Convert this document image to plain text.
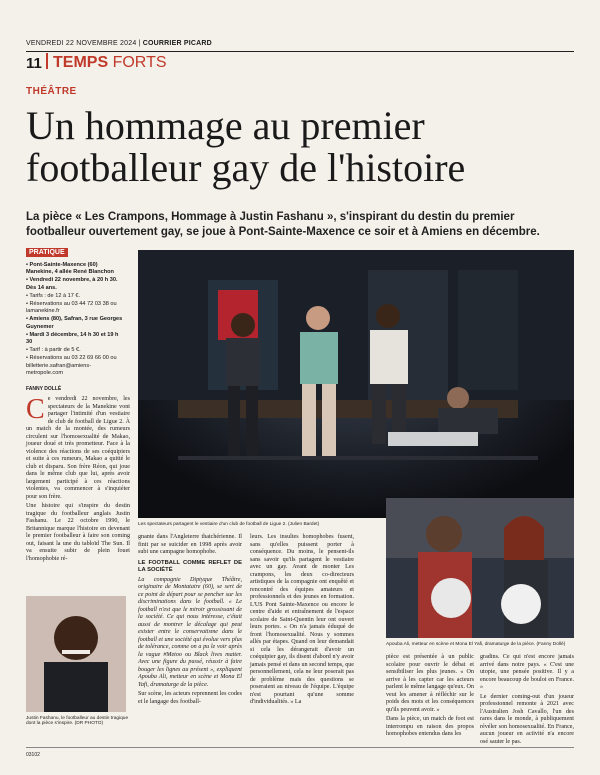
VENDREDI 22 NOVEMBRE 2024 | COURRIER PICARD
11 TEMPS FORTS
THÉÂTRE
Un hommage au premier
footballeur gay de l'histoire
La pièce « Les Crampons, Hommage à Justin Fashanu », s'inspirant du destin du premier footballeur ouvertement gay, se joue à Pont-Sainte-Maxence ce soir et à Amiens en décembre.
PRATIQUE

• Pont-Sainte-Maxence (60) Manekine, 4 allée René Blanchon

• Vendredi 22 novembre, à 20 h 30. Dès 14 ans.

• Tarifs : de 12 à 17 €.

• Réservations au 03 44 72 03 38 ou lamanekine.fr

• Amiens (80), Safran, 3 rue Georges Guynemer

• Mardi 3 décembre, 14 h 30 et 19 h 30

• Tarif : à partir de 5 €.

• Réservations au 03 22 69 66 00 ou billetterie.safran@amiens-metropole.com

FANNY DOLLÉ

Ce vendredi 22 novembre, les spectateurs de la Manekine vont partager l'intimité d'un vestiaire de club de football de Ligue 2. À un match de la montée, des rumeurs circulent sur l'homosexualité de Makao, joueur doué et très prometteur. Face à la violence des réactions de ses coéquipiers et suite à ces rumeurs, Makao a quitté le club et disparu. Son frère Réon, qui joue dans le même club que lui, après avoir largement participé à ces réactions violentes, va commencer à s'inquiéter pour son frère.

Une histoire qui s'inspire du destin tragique du footballeur anglais Justin Fashanu. Le 22 octobre 1990, le Britannique marque l'histoire en devenant le premier footballeur à faire son coming out, faisant la une du tabloïd The Sun. Il va ensuite subir de plein fouet l'homophobie ré-

Les spectateurs partagent le vestiaire d'un club de football de Ligue 2. (Julien Bardet)

gnante dans l'Angleterre thatchérienne. Il finit par se suicider en 1998 après avoir subi une campagne homophobe.

LE FOOTBALL COMME REFLET DE LA SOCIÉTÉ

La compagnie Diptyque Théâtre, originaire de Montataire (60), se sert de ce point de départ pour se pencher sur les discriminations dans le football. « Le football n'est que le miroir grossissant de la société. Ce qui nous intéresse, c'était aussi de montrer le décalage qui peut exister entre le conservatisme dans le football et une société qui évolue vers plus de tolérance, comme on a pu le voir après la vague #Metoo ou Black lives matter. Avec une figure du passé, réussir à faire bouger les lignes au présent », expliquent Apouba Ali, metteur en scène et Mona El Yafi, dramaturge de la pièce.

Sur scène, les acteurs reprennent les codes et le langage des football-

leurs. Les insultes homophobes fusent, sans qu'elles puissent porter à conséquence. Du moins, le pensent-ils sans savoir qu'ils partagent le vestiaire avec un gay. Avant de monter Les crampons, les deux co-directeurs artistiques de la compagnie ont enquêté et rencontré des équipes amateurs et professionnels et des jeunes en formation. L'US Pont Sainte-Maxence ou encore le centre d'aide et entraînement de l'espace scolaire de Saint-Quentin leur ont ouvert leurs portes. « On n'a jamais éduqué de front l'homosexualité. Nous y sommes allés par étapes. Quand on leur demandait si cela les dérangerait d'avoir un coéquipier gay, ils disent d'abord n'y avoir jamais pensé et dans un second temps, que personnellement, cela ne leur poserait pas de problème mais des questions se poseraient au niveau de l'équipe. L'équipe n'est pourtant qu'une somme d'individualités. » La

Apouba Ali, metteur en scène et Mona El Yafi, dramaturge de la pièce. (Fanny Dollé)

pièce est présentée à un public scolaire pour ouvrir le débat et sensibiliser les plus jeunes. « On arrive à les capter car les acteurs parlent le même langage qu'eux. On veut les amener à réfléchir sur le poids des mots et les conséquences qu'ils peuvent avoir. »

Dans la pièce, un match de foot est interrompu en raison des propos homophobes entendus dans les

gradins. Ce qui n'est encore jamais arrivé dans notre pays. « C'est une utopie, une pensée positive. Il y a encore beaucoup de boulot en France. »

Le dernier coming-out d'un joueur professionnel remonte à 2021 avec l'Australien Josh Cavallo, l'un des rares dans le monde, à publiquement révéler son homosexualité. En France, aucun joueur en activité n'a encore osé sauter le pas.

Justin Fashanu, le footballeur au destin tragique dont la pièce s'inspire. (DR PHOTO)
03102
